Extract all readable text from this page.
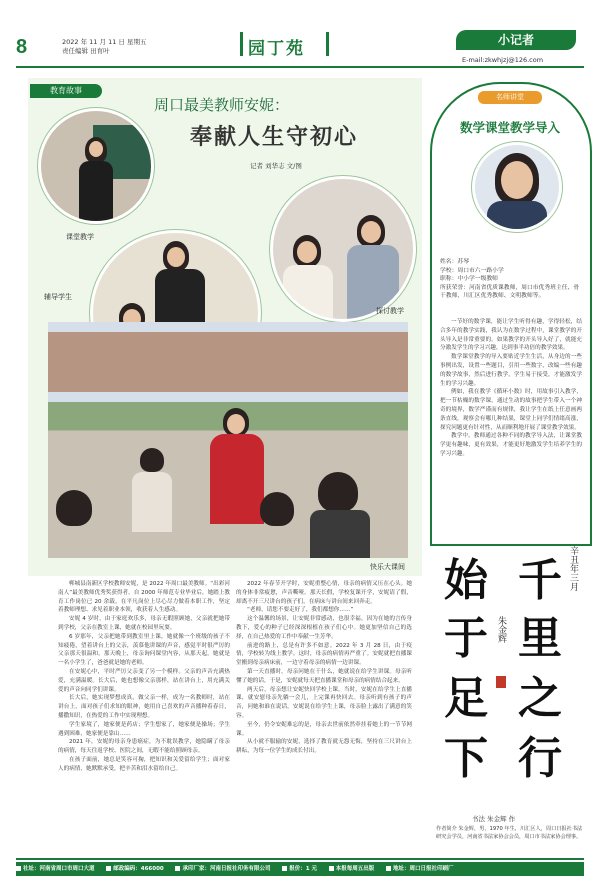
8	2022 年 11 月 11 日 星期五
责任编辑 田育叶	园丁苑	小记者
E-mail:zkwhjzj@126.com
教育故事
周口最美教师安妮：
奉献人生守初心
记者 刘华志 文/图
课堂教学
辅导学生
探讨教学
快乐大课间

郸城县南新区学校教师安妮，是 2022 年周口最美教师。“出彩河南人”最美教师优秀奖获得者。自 2000 年师范专业毕业后，她踏上教育工作岗位已 20 余载。在平凡岗位上尽心尽力做着本职工作，坚定着教师理想、求见着职业本领，收获着人生感动。

安妮 4 岁时，由于家庭欢乐多，母亲无暇照顾她，父亲就把她带到学校，父亲在教室上课，她就在校园里玩耍。

6 岁那年，父亲把她带到教室里上课，她就像一个班级的孩子不知疲倦，望着讲台上的父亲，羡慕他讲课的声音，感觉平时很严厉的父亲那天很温和。那天晚上，母亲询问课堂内容，从那天起，她就是一名小学生了，爸爸就是她的老师。

在安妮心中，平时严厉父亲变了另一个模样。父亲的声音充满热爱，充满温暖。长大后，她也想像父亲那样，站在讲台上，用充满关爱的声音向同学们讲课。

长大后，她实现梦想成真，做父亲一样，成为一名教师时，站在讲台上，面对孩子们求知的眼神，她用自己喜欢的声音播种着春日，播撒知识，在热爱的工作中实现理想。

学生家境了，她家便是药店；学生想家了，她家便是操场；学生遇到困难，她家便是靠山……

2021 年，安妮的母亲身患癌症，为不耽误教学，她隐瞒了母亲的病情，每天往返学校、医院之间，无暇不能给照顾母亲。

在孩子面前，她总是笑容可掬，把知识和关爱留给学生；面对家人的病情，她默默承受，把辛苦和泪水留给自己。

2022 年春节开学时，安妮重整心情，母亲的病情又压在心头。她的身体非常疲惫，声音嘶哑。那天长假，学校复课开学，安妮请了假，却离不开三尺讲台的孩子们，在病床与讲台间来回奔走。

“老师，请您不要走好了，我们都想你……”

这个温馨的场景，让安妮非常感动，也很幸福。因为在她的言传身教下，爱心的种子已经深深根植在孩子们心中。她更加坚信自己的选择，在自己热爱的工作中奉献一生芳华。

前进的路上，总是有许多不如意。2022 年 3 月 28 日，由于疫情，学校转为线上教学。这时，母亲的病情再严重了。安妮就把直播课堂搬到母亲病床前，一边守着母亲的病情一边讲课。

第一天直播时，母亲问她在干什么，她就说在给学生讲课。母亲听懂了她的话，于是，安妮就每天把直播课堂和母亲的病情结合起来。

两天后，母亲想让安妮快回学校上课。当时，安妮在给学生上直播课，就安慰母亲先躺一会儿，上完课再快回去。母亲听到有孩子的声音，问她和谁在说话。安妮说在给学生上课，母亲脸上露出了满意的笑容。

至今，仍令安妮难忘的是，母亲去世前依然牵挂着她上的一节节网课。

从小就不服输的安妮，选择了教育就无怨无悔，坚持在三尺讲台上耕耘，为每一位学生的成长付出。

名师讲堂
数学课堂教学导入
姓名：苏琴
学校：周口市六一路小学
职称：中小学一级教师
所获荣誉：河南省优质课教师，周口市优秀班主任、骨干教师，川汇区优秀教师、文明教师等。

一节好的数学课，能让学生听得有趣，学得轻松，结合多年的教学实践，我认为在数学过程中，课堂教学的开头导入是非常重要的。如果教学的开头导入好了，就能充分激发学生的学习兴趣，达到事半功倍的教学效果。

数学课堂教学的导入要贴近学生生活，从身边的一些事例出发，设置一些题目，引用一些数字，改编一些有趣的数学故事，然后进行教学，学生易于接受，才能激发学生的学习兴趣。

例如，我在教学《循环小数》时，用故事引入教学，把一节枯燥的数学课，通过生动的故事把学生带入一个神奇的境界，数学严谨而有规律，我让学生在纸上任意画两条直线，观察会有哪几种结果，课堂上同学们情绪高涨，探究问题更有针对性，从而顺利地开展了课堂教学效果。

教学中，教师通过各种不同的教学导入法，让课堂教学更有趣味，更有效果，才能更好地激发学生培养学生的学习兴趣。

始
于
足
下
千
里
之
行
辛丑年三月
朱金辉
书法 朱金辉 作
作者简介 朱金辉，男，1970 年生，川汇区人，周口日报社书法研究会学员，河南省书法家协会会员，周口市书法家协会理事。
社址：河南省周口市周口大道	邮政编码：466000	承印厂家：河南日报社印务有限公司	报价：1 元	本报每周五出版	地址：周口日报社印刷厂
